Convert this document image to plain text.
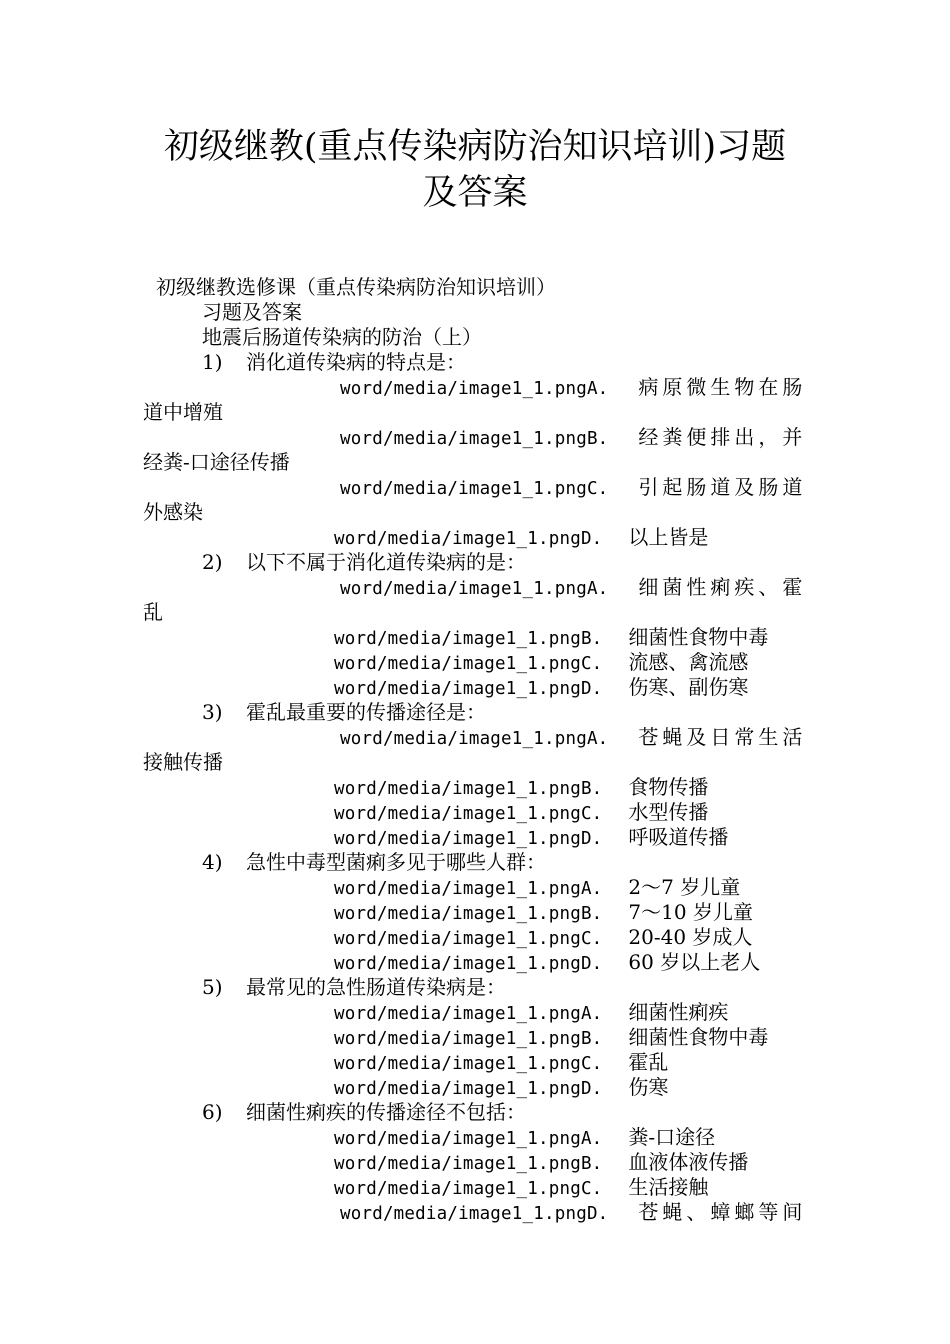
初级继教(重点传染病防治知识培训)习题
及答案
初级继教选修课（重点传染病防治知识培训）
习题及答案
地震后肠道传染病的防治（上）
1) 消化道传染病的特点是：
word/media/image1_1.pngA. 病原微生物在肠
道中增殖
word/media/image1_1.pngB. 经粪便排出，并
经粪-口途径传播
word/media/image1_1.pngC. 引起肠道及肠道
外感染
word/media/image1_1.pngD. 以上皆是
2) 以下不属于消化道传染病的是：
word/media/image1_1.pngA. 细菌性痢疾、霍
乱
word/media/image1_1.pngB. 细菌性食物中毒
word/media/image1_1.pngC. 流感、禽流感
word/media/image1_1.pngD. 伤寒、副伤寒
3) 霍乱最重要的传播途径是：
word/media/image1_1.pngA. 苍蝇及日常生活
接触传播
word/media/image1_1.pngB. 食物传播
word/media/image1_1.pngC. 水型传播
word/media/image1_1.pngD. 呼吸道传播
4) 急性中毒型菌痢多见于哪些人群：
word/media/image1_1.pngA. 2～7 岁儿童
word/media/image1_1.pngB. 7～10 岁儿童
word/media/image1_1.pngC. 20-40 岁成人
word/media/image1_1.pngD. 60 岁以上老人
5) 最常见的急性肠道传染病是：
word/media/image1_1.pngA. 细菌性痢疾
word/media/image1_1.pngB. 细菌性食物中毒
word/media/image1_1.pngC. 霍乱
word/media/image1_1.pngD. 伤寒
6) 细菌性痢疾的传播途径不包括：
word/media/image1_1.pngA. 粪-口途径
word/media/image1_1.pngB. 血液体液传播
word/media/image1_1.pngC. 生活接触
word/media/image1_1.pngD. 苍蝇、蟑螂等间
